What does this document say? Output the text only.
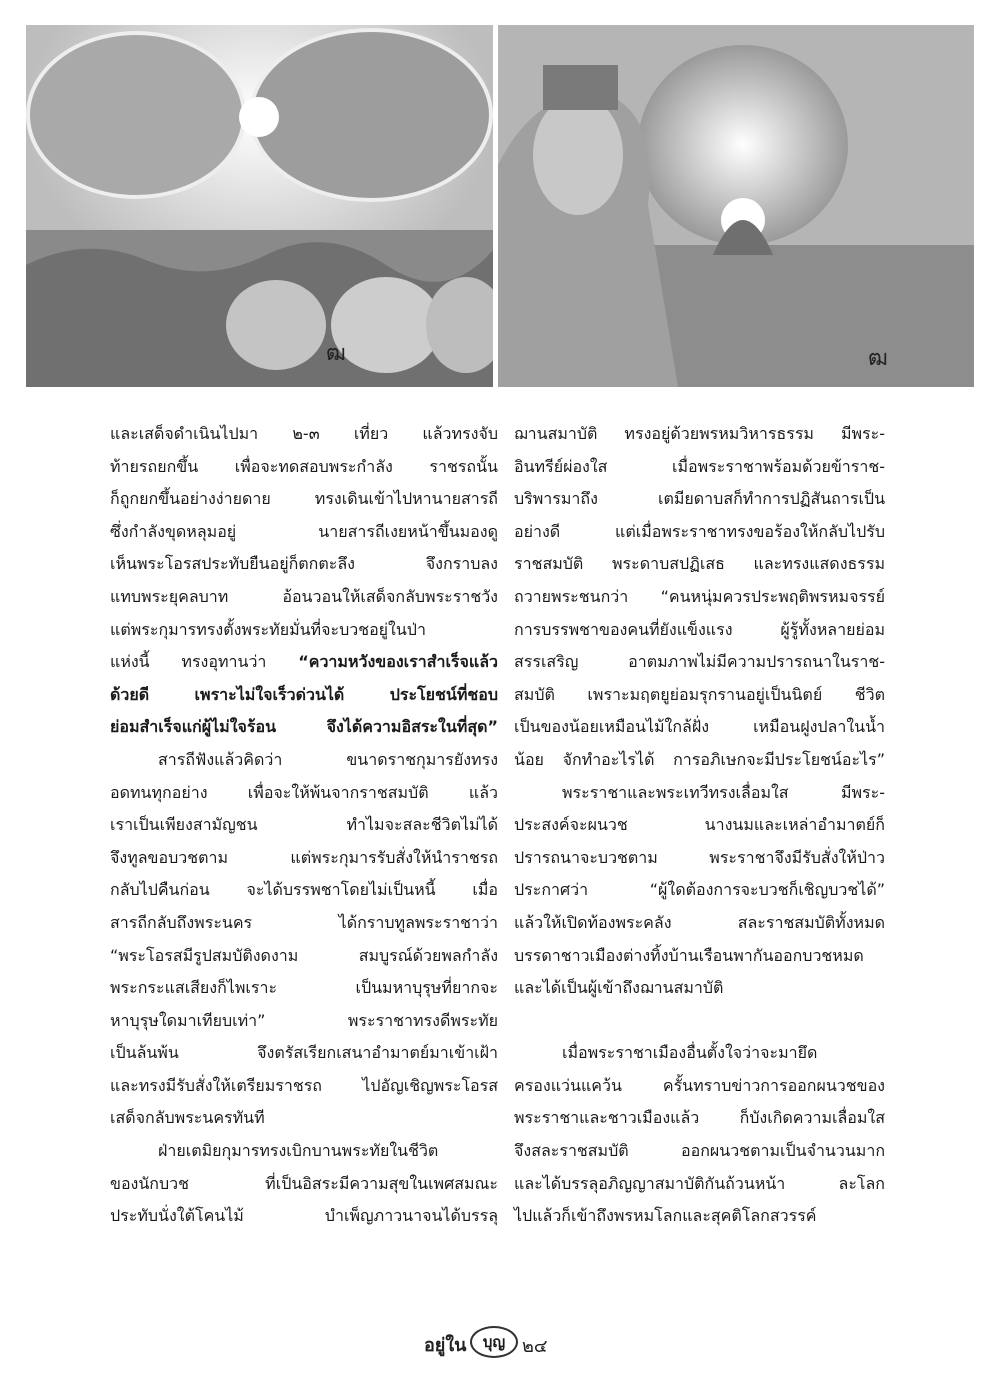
ฒ	ฒ
และเสด็จดำเนินไปมา ๒-๓ เที่ยว แล้วทรงจับ
ท้ายรถยกขึ้น เพื่อจะทดสอบพระกำลัง ราชรถนั้น
ก็ถูกยกขึ้นอย่างง่ายดาย ทรงเดินเข้าไปหานายสารถี
ซึ่งกำลังขุดหลุมอยู่ นายสารถีเงยหน้าขึ้นมองดู
เห็นพระโอรสประทับยืนอยู่ก็ตกตะลึง จึงกราบลง
แทบพระยุคลบาท อ้อนวอนให้เสด็จกลับพระราชวัง
แต่พระกุมารทรงตั้งพระทัยมั่นที่จะบวชอยู่ในป่า
แห่งนี้ ทรงอุทานว่า “ความหวังของเราสำเร็จแล้ว
ด้วยดี เพราะไม่ใจเร็วด่วนได้ ประโยชน์ที่ชอบ
ย่อมสำเร็จแก่ผู้ไม่ใจร้อน จึงได้ความอิสระในที่สุด”
สารถีฟังแล้วคิดว่า ขนาดราชกุมารยังทรง
อดทนทุกอย่าง เพื่อจะให้พ้นจากราชสมบัติ แล้ว
เราเป็นเพียงสามัญชน ทำไมจะสละชีวิตไม่ได้
จึงทูลขอบวชตาม แต่พระกุมารรับสั่งให้นำราชรถ
กลับไปคืนก่อน จะได้บรรพชาโดยไม่เป็นหนี้ เมื่อ
สารถีกลับถึงพระนคร ได้กราบทูลพระราชาว่า
“พระโอรสมีรูปสมบัติงดงาม สมบูรณ์ด้วยพลกำลัง
พระกระแสเสียงก็ไพเราะ เป็นมหาบุรุษที่ยากจะ
หาบุรุษใดมาเทียบเท่า” พระราชาทรงดีพระทัย
เป็นล้นพ้น จึงตรัสเรียกเสนาอำมาตย์มาเข้าเฝ้า
และทรงมีรับสั่งให้เตรียมราชรถ ไปอัญเชิญพระโอรส
เสด็จกลับพระนครทันที
ฝ่ายเตมิยกุมารทรงเบิกบานพระทัยในชีวิต
ของนักบวช ที่เป็นอิสระมีความสุขในเพศสมณะ
ประทับนั่งใต้โคนไม้ บำเพ็ญภาวนาจนได้บรรลุ
ฌานสมาบัติ ทรงอยู่ด้วยพรหมวิหารธรรม มีพระ-
อินทรีย์ผ่องใส เมื่อพระราชาพร้อมด้วยข้าราช-
บริพารมาถึง เตมียดาบสก็ทำการปฏิสันถารเป็น
อย่างดี แต่เมื่อพระราชาทรงขอร้องให้กลับไปรับ
ราชสมบัติ พระดาบสปฏิเสธ และทรงแสดงธรรม
ถวายพระชนกว่า “คนหนุ่มควรประพฤติพรหมจรรย์
การบรรพชาของคนที่ยังแข็งแรง ผู้รู้ทั้งหลายย่อม
สรรเสริญ อาตมภาพไม่มีความปรารถนาในราช-
สมบัติ เพราะมฤตยูย่อมรุกรานอยู่เป็นนิตย์ ชีวิต
เป็นของน้อยเหมือนไม้ใกล้ฝั่ง เหมือนฝูงปลาในน้ำ
น้อย จักทำอะไรได้ การอภิเษกจะมีประโยชน์อะไร”
พระราชาและพระเทวีทรงเลื่อมใส มีพระ-
ประสงค์จะผนวช นางนมและเหล่าอำมาตย์ก็
ปรารถนาจะบวชตาม พระราชาจึงมีรับสั่งให้ป่าว
ประกาศว่า “ผู้ใดต้องการจะบวชก็เชิญบวชได้”
แล้วให้เปิดท้องพระคลัง สละราชสมบัติทั้งหมด
บรรดาชาวเมืองต่างทิ้งบ้านเรือนพากันออกบวชหมด
และได้เป็นผู้เข้าถึงฌานสมาบัติ
เมื่อพระราชาเมืองอื่นตั้งใจว่าจะมายึด
ครองแว่นแคว้น ครั้นทราบข่าวการออกผนวชของ
พระราชาและชาวเมืองแล้ว ก็บังเกิดความเลื่อมใส
จึงสละราชสมบัติ ออกผนวชตามเป็นจำนวนมาก
และได้บรรลุอภิญญาสมาบัติกันถ้วนหน้า ละโลก
ไปแล้วก็เข้าถึงพรหมโลกและสุคติโลกสวรรค์
อยู่ใน	บุญ ๒๔
